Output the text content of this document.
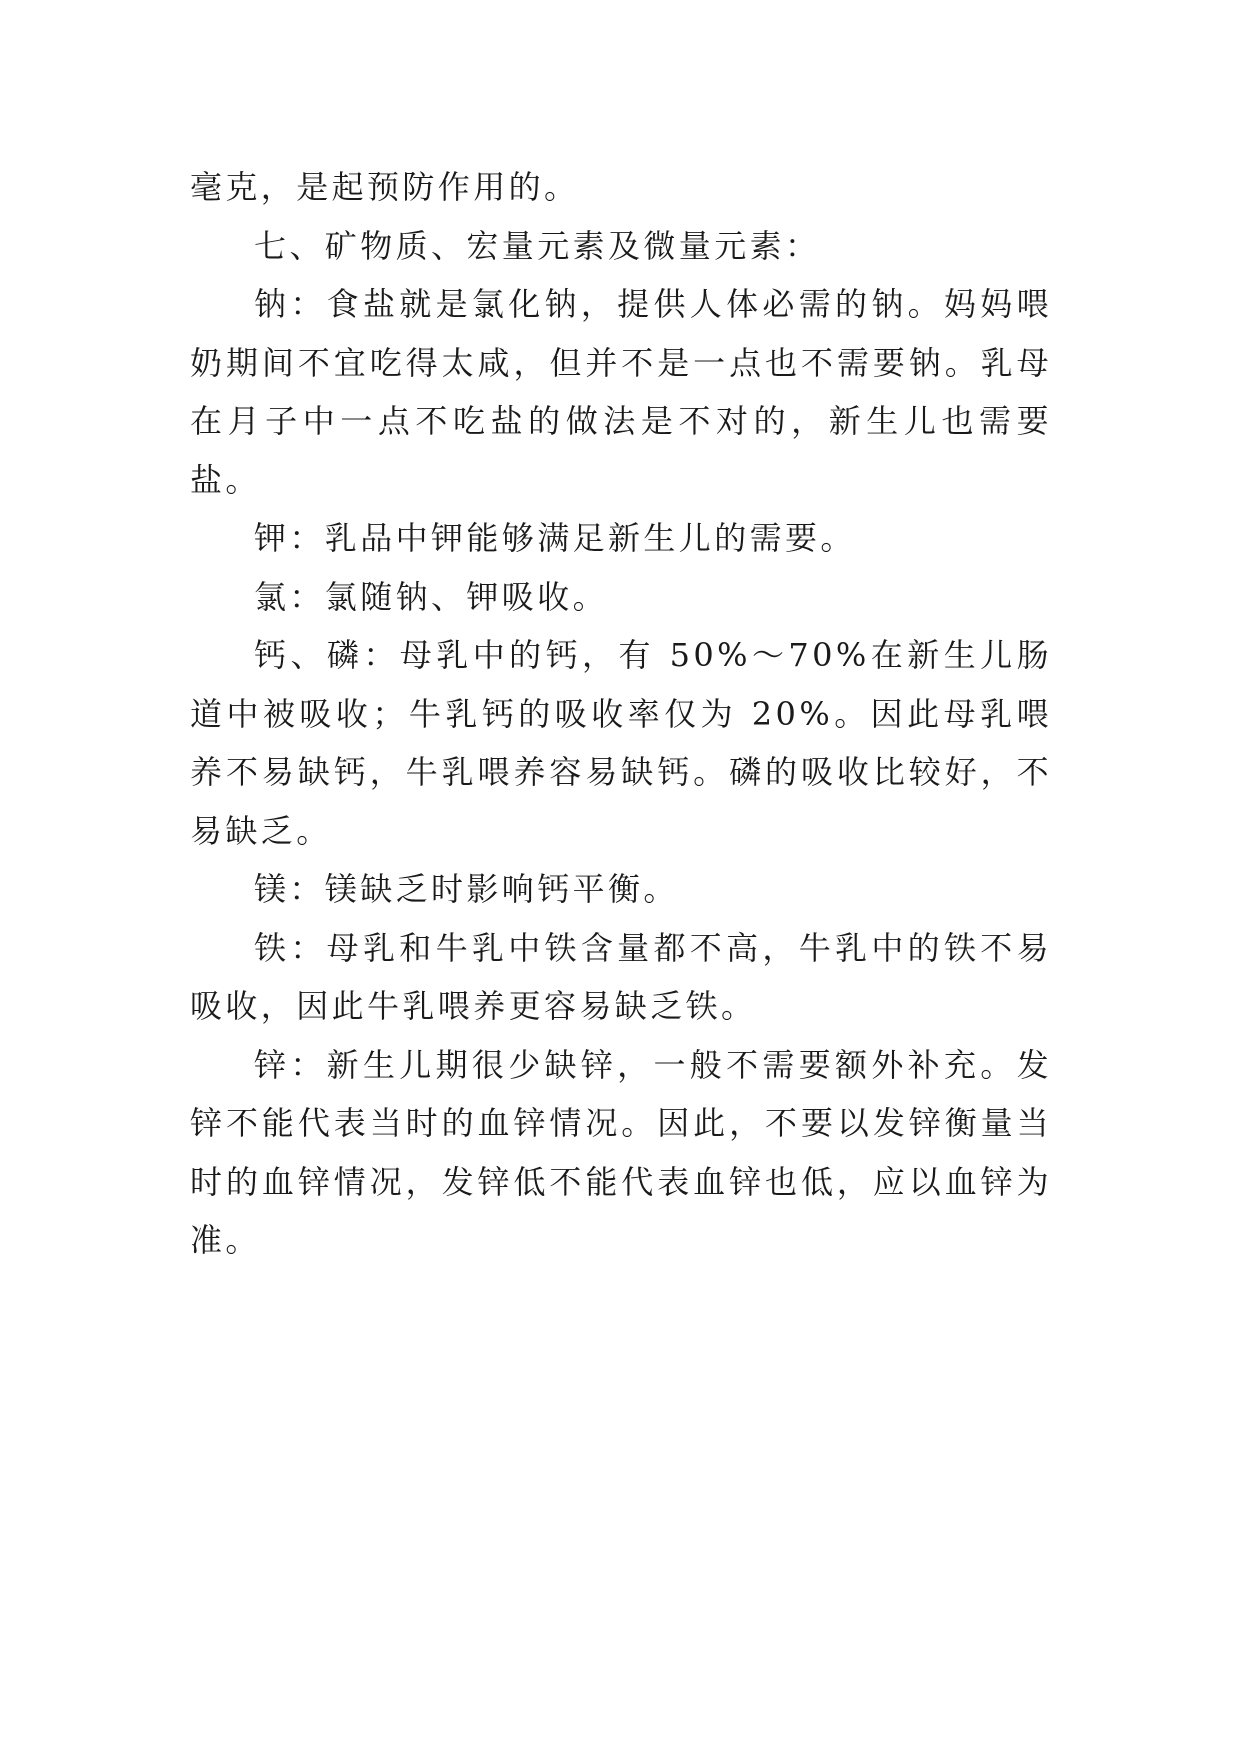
毫克，是起预防作用的。

七、矿物质、宏量元素及微量元素：

钠：食盐就是氯化钠，提供人体必需的钠。妈妈喂奶期间不宜吃得太咸，但并不是一点也不需要钠。乳母在月子中一点不吃盐的做法是不对的，新生儿也需要盐。

钾：乳品中钾能够满足新生儿的需要。

氯：氯随钠、钾吸收。

钙、磷：母乳中的钙，有 50%～70%在新生儿肠道中被吸收；牛乳钙的吸收率仅为 20%。因此母乳喂养不易缺钙，牛乳喂养容易缺钙。磷的吸收比较好，不易缺乏。

镁：镁缺乏时影响钙平衡。

铁：母乳和牛乳中铁含量都不高，牛乳中的铁不易吸收，因此牛乳喂养更容易缺乏铁。

锌：新生儿期很少缺锌，一般不需要额外补充。发锌不能代表当时的血锌情况。因此，不要以发锌衡量当时的血锌情况，发锌低不能代表血锌也低，应以血锌为准。
